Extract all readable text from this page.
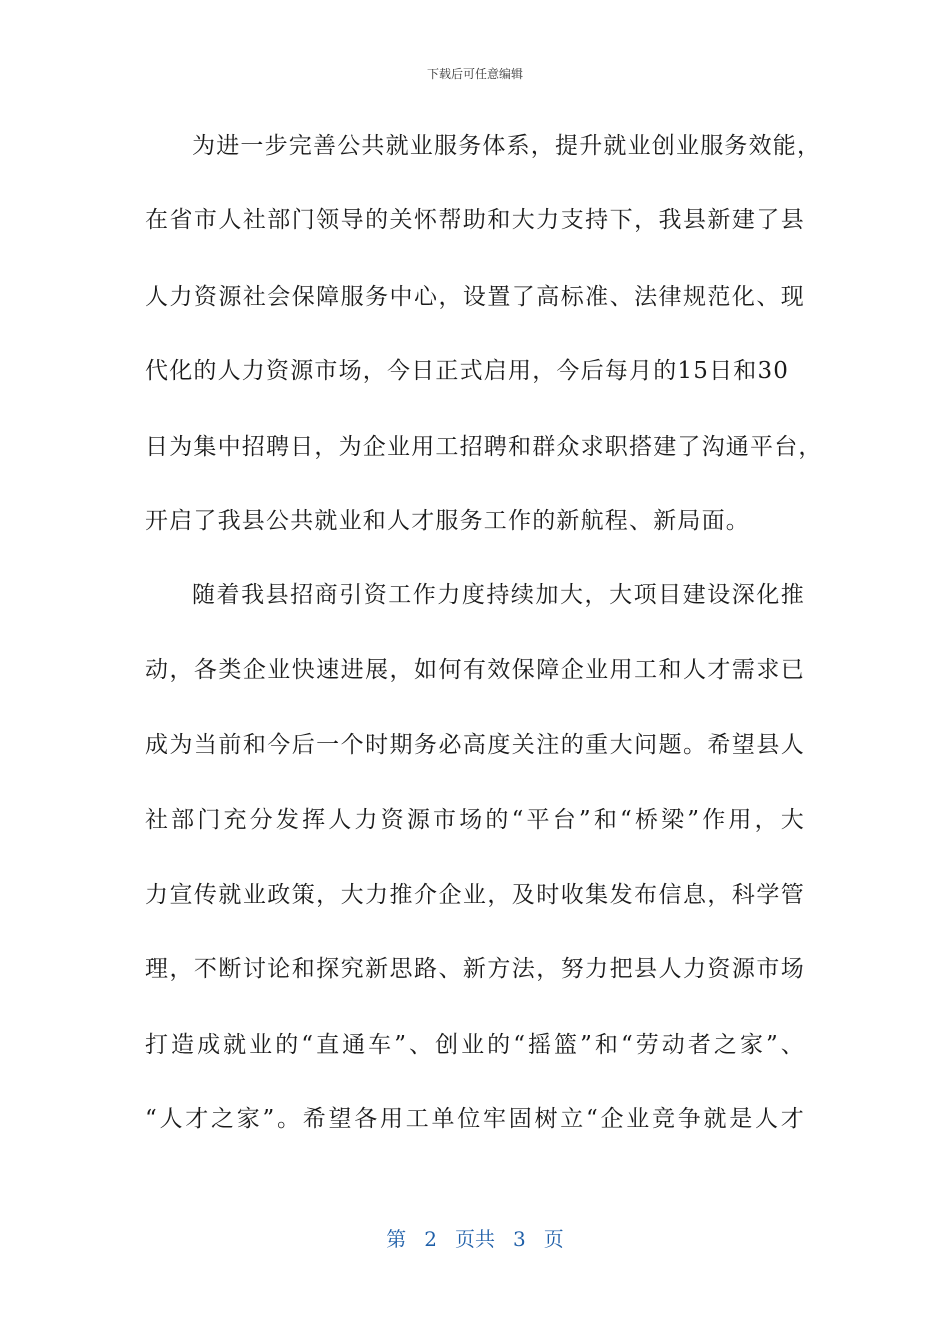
下载后可任意编辑
为进一步完善公共就业服务体系，提升就业创业服务效能，
在省市人社部门领导的关怀帮助和大力支持下，我县新建了县
人力资源社会保障服务中心，设置了高标准、法律规范化、现
代化的人力资源市场，今日正式启用，今后每月的15日和30
日为集中招聘日，为企业用工招聘和群众求职搭建了沟通平台，
开启了我县公共就业和人才服务工作的新航程、新局面。
随着我县招商引资工作力度持续加大，大项目建设深化推
动，各类企业快速进展，如何有效保障企业用工和人才需求已
成为当前和今后一个时期务必高度关注的重大问题。希望县人
社部门充分发挥人力资源市场的“平台”和“桥梁”作用，大
力宣传就业政策，大力推介企业，及时收集发布信息，科学管
理，不断讨论和探究新思路、新方法，努力把县人力资源市场
打造成就业的“直通车”、创业的“摇篮”和“劳动者之家”、
“人才之家”。希望各用工单位牢固树立“企业竞争就是人才
第 2 页共 3 页
